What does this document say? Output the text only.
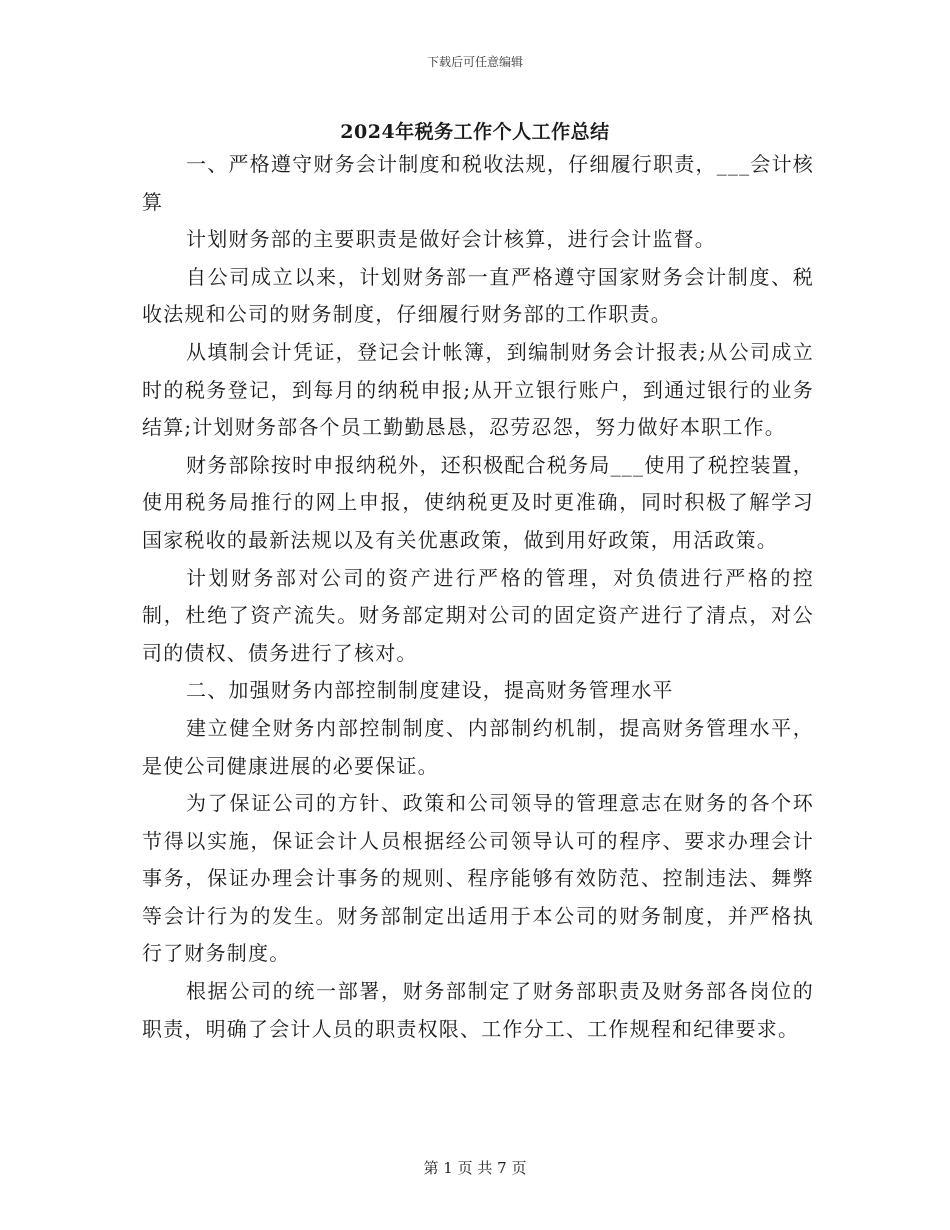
下载后可任意编辑
2024年税务工作个人工作总结

一、严格遵守财务会计制度和税收法规，仔细履行职责，___会计核算

计划财务部的主要职责是做好会计核算，进行会计监督。

自公司成立以来，计划财务部一直严格遵守国家财务会计制度、税收法规和公司的财务制度，仔细履行财务部的工作职责。

从填制会计凭证，登记会计帐簿，到编制财务会计报表;从公司成立时的税务登记，到每月的纳税申报;从开立银行账户，到通过银行的业务结算;计划财务部各个员工勤勤恳恳，忍劳忍怨，努力做好本职工作。

财务部除按时申报纳税外，还积极配合税务局___使用了税控装置，使用税务局推行的网上申报，使纳税更及时更准确，同时积极了解学习国家税收的最新法规以及有关优惠政策，做到用好政策，用活政策。

计划财务部对公司的资产进行严格的管理，对负债进行严格的控制，杜绝了资产流失。财务部定期对公司的固定资产进行了清点，对公司的债权、债务进行了核对。

二、加强财务内部控制制度建设，提高财务管理水平

建立健全财务内部控制制度、内部制约机制，提高财务管理水平，是使公司健康进展的必要保证。

为了保证公司的方针、政策和公司领导的管理意志在财务的各个环节得以实施，保证会计人员根据经公司领导认可的程序、要求办理会计事务，保证办理会计事务的规则、程序能够有效防范、控制违法、舞弊等会计行为的发生。财务部制定出适用于本公司的财务制度，并严格执行了财务制度。

根据公司的统一部署，财务部制定了财务部职责及财务部各岗位的职责，明确了会计人员的职责权限、工作分工、工作规程和纪律要求。

第 1 页 共 7 页
